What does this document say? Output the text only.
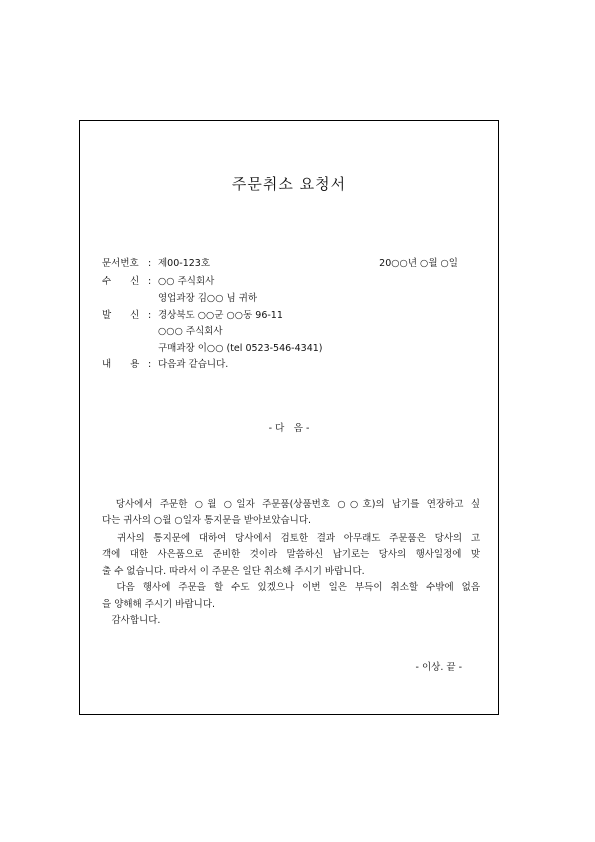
주문취소 요청서
문서번호 : 제00-123호	20○○년 ○월 ○일
수　　신 : ○○ 주식회사
영업과장 김○○ 님 귀하
발　　신 : 경상북도 ○○군 ○○동 96-11
○○○ 주식회사
구매과장 이○○ (tel 0523-546-4341)
내　　용 : 다음과 같습니다.
- 다　음 -
　당사에서 주문한 ○월 ○일자 주문품(상품번호 ○○호)의 납기를 연장하고 싶
다는 귀사의 ○월 ○일자 통지문을 받아보았습니다.
　귀사의 통지문에 대하여 당사에서 검토한 결과 아무래도 주문품은 당사의 고
객에 대한 사은품으로 준비한 것이라 말씀하신 납기로는 당사의 행사일정에 맞
출 수 없습니다. 따라서 이 주문은 일단 취소해 주시기 바랍니다.
　다음 행사에 주문을 할 수도 있겠으나 이번 일은 부득이 취소할 수밖에 없음
을 양해해 주시기 바랍니다.
　감사합니다.
- 이상. 끝 -
